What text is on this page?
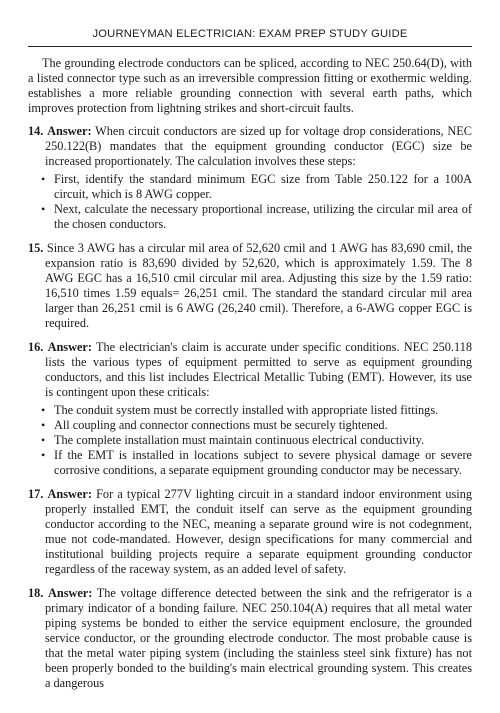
JOURNEYMAN ELECTRICIAN: EXAM PREP STUDY GUIDE

The grounding electrode conductors can be spliced, according to NEC 250.64(D), with a listed connector type such as an irreversible compression fitting or exothermic welding. establishes a more reliable grounding connection with several earth paths, which improves protection from lightning strikes and short-circuit faults.

14. Answer: When circuit conductors are sized up for voltage drop considerations, NEC 250.122(B) mandates that the equipment grounding conductor (EGC) size be increased proportionately. The calculation involves these steps:

• First, identify the standard minimum EGC size from Table 250.122 for a 100A circuit, which is 8 AWG copper.
• Next, calculate the necessary proportional increase, utilizing the circular mil area of the chosen conductors.

15. Since 3 AWG has a circular mil area of 52,620 cmil and 1 AWG has 83,690 cmil, the expansion ratio is 83,690 divided by 52,620, which is approximately 1.59. The 8 AWG EGC has a 16,510 cmil circular mil area. Adjusting this size by the 1.59 ratio: 16,510 times 1.59 equals= 26,251 cmil. The standard the standard circular mil area larger than 26,251 cmil is 6 AWG (26,240 cmil). Therefore, a 6-AWG copper EGC is required.

16. Answer: The electrician's claim is accurate under specific conditions. NEC 250.118 lists the various types of equipment permitted to serve as equipment grounding conductors, and this list includes Electrical Metallic Tubing (EMT). However, its use is contingent upon these criticals:

• The conduit system must be correctly installed with appropriate listed fittings.
• All coupling and connector connections must be securely tightened.
• The complete installation must maintain continuous electrical conductivity.
• If the EMT is installed in locations subject to severe physical damage or severe corrosive conditions, a separate equipment grounding conductor may be necessary.

17. Answer: For a typical 277V lighting circuit in a standard indoor environment using properly installed EMT, the conduit itself can serve as the equipment grounding conductor according to the NEC, meaning a separate ground wire is not codegnment, mue not code-mandated. However, design specifications for many commercial and institutional building projects require a separate equipment grounding conductor regardless of the raceway system, as an added level of safety.

18. Answer: The voltage difference detected between the sink and the refrigerator is a primary indicator of a bonding failure. NEC 250.104(A) requires that all metal water piping systems be bonded to either the service equipment enclosure, the grounded service conductor, or the grounding electrode conductor. The most probable cause is that the metal water piping system (including the stainless steel sink fixture) has not been properly bonded to the building's main electrical grounding system. This creates a dangerous
